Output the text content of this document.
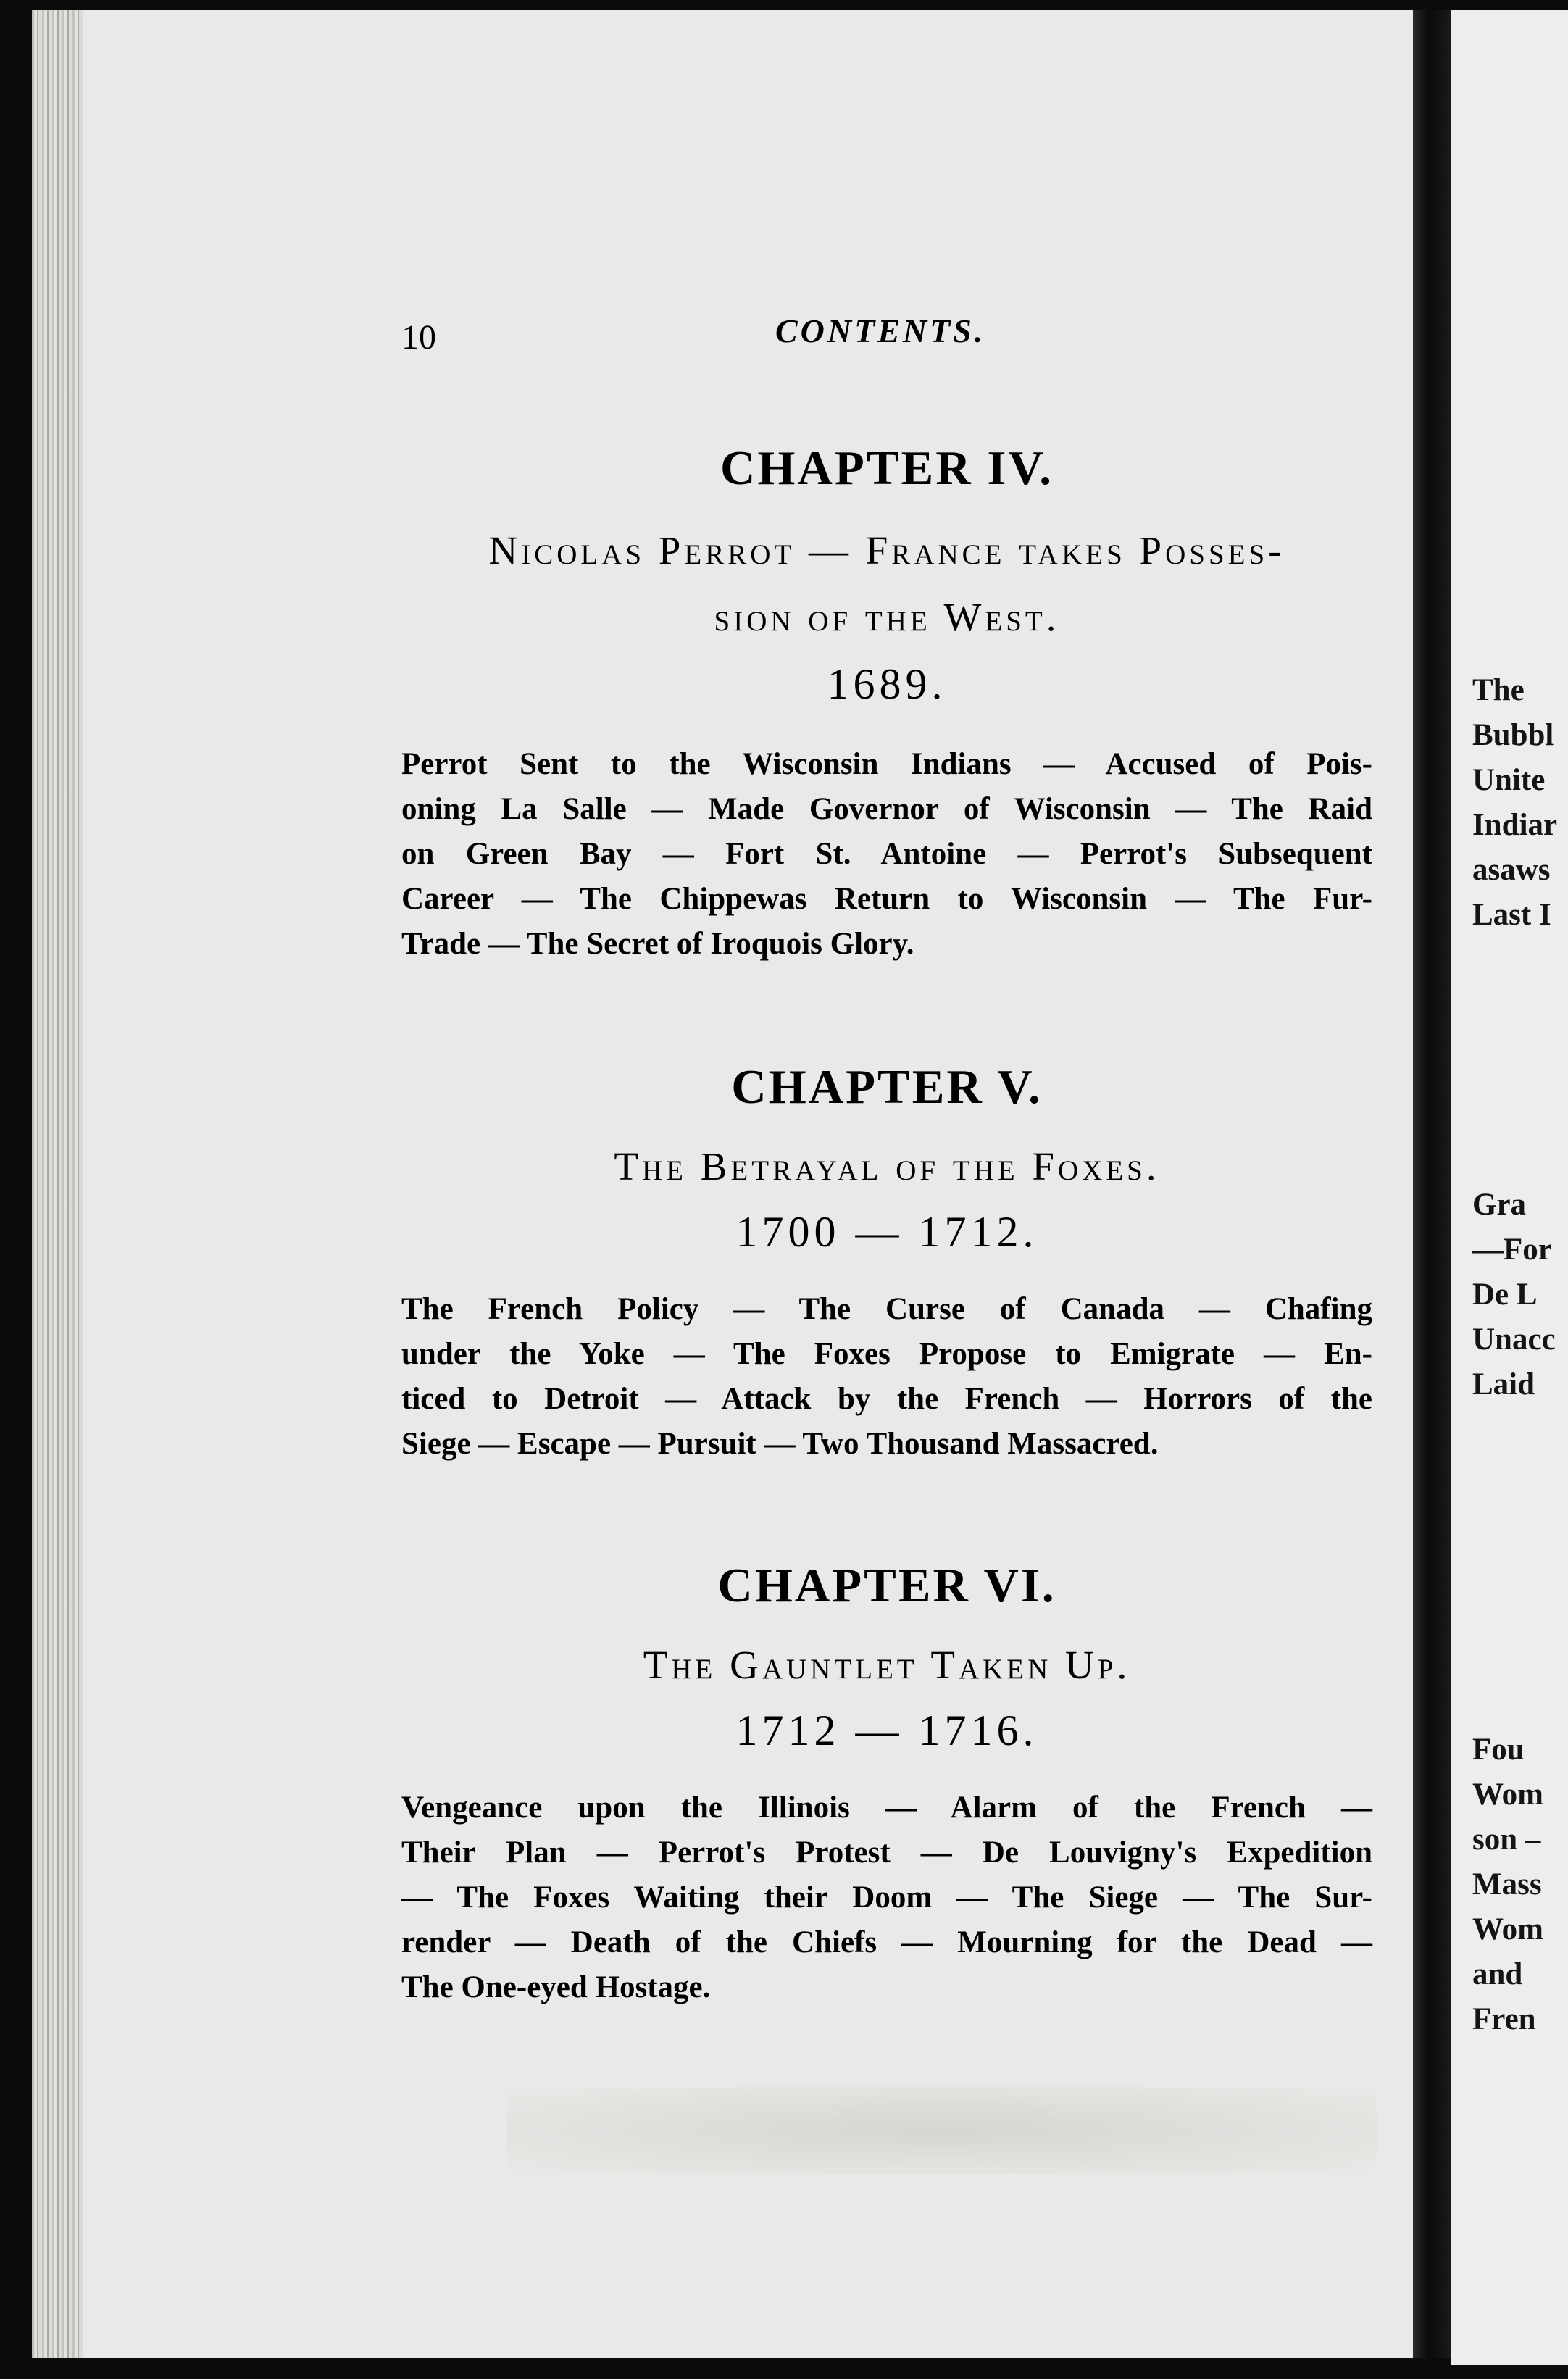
The
Bubbl
Unite
Indiar
asaws
Last I

Gra
—For
De L
Unacc
Laid

Fou
Wom
son –
Mass
Wom
and
Fren

10	CONTENTS.
CHAPTER IV.

Nicolas Perrot — France takes Posses-
sion of the West.

1689.

Perrot Sent to the Wisconsin Indians — Accused of Pois-
oning La Salle — Made Governor of Wisconsin — The Raid
on Green Bay — Fort St. Antoine — Perrot's Subsequent
Career — The Chippewas Return to Wisconsin — The Fur-
Trade — The Secret of Iroquois Glory.

CHAPTER V.

The Betrayal of the Foxes.

1700 — 1712.

The French Policy — The Curse of Canada — Chafing
under the Yoke — The Foxes Propose to Emigrate — En-
ticed to Detroit — Attack by the French — Horrors of the
Siege — Escape — Pursuit — Two Thousand Massacred.

CHAPTER VI.

The Gauntlet Taken Up.

1712 — 1716.

Vengeance upon the Illinois — Alarm of the French —
Their Plan — Perrot's Protest — De Louvigny's Expedition
— The Foxes Waiting their Doom — The Siege — The Sur-
render — Death of the Chiefs — Mourning for the Dead —
The One-eyed Hostage.
